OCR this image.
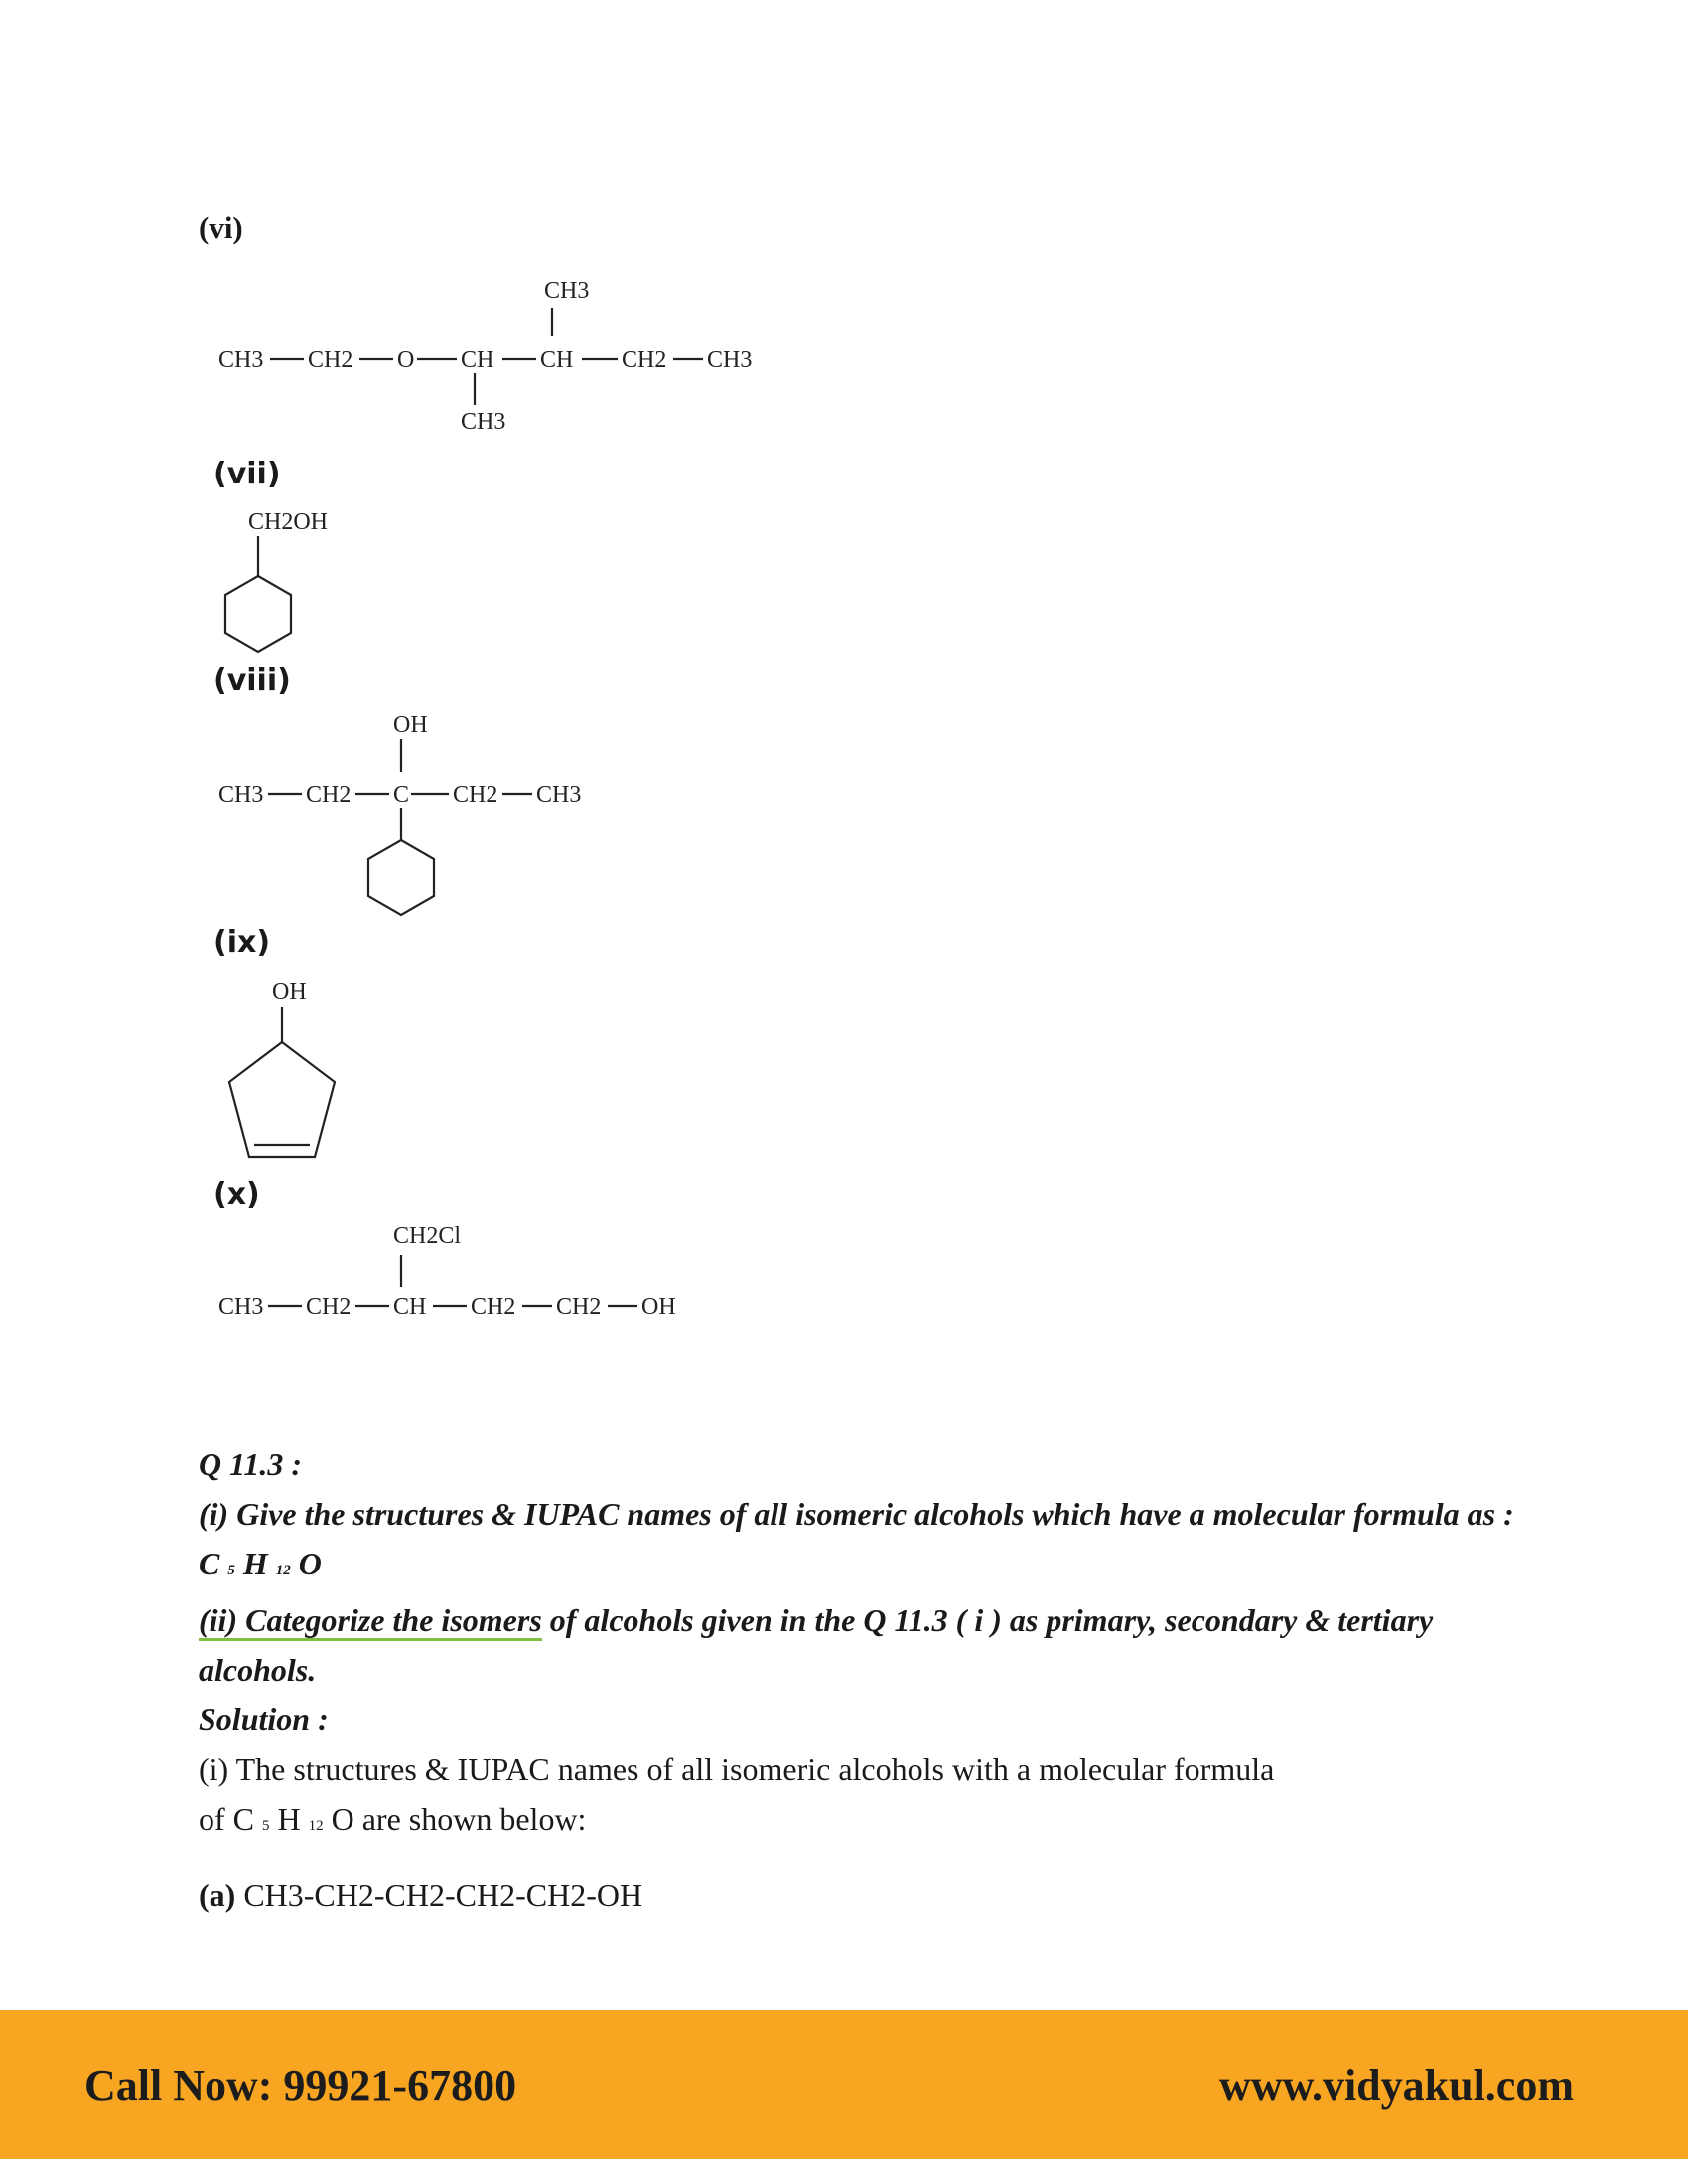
(vi)
(vii)
(viii)
(ix)
(x)
CH3
CH3 CH2 O CH CH CH2 CH3
CH3
CH2OH
OH
CH3 CH2 C CH2 CH3
OH
CH2Cl
CH3 CH2 CH CH2 CH2 OH
Q 11.3 :
(i) Give the structures & IUPAC names of all isomeric alcohols which have a molecular formula as :
C 5 H 12 O
(ii) Categorize the isomers of alcohols given in the Q 11.3 ( i ) as primary, secondary & tertiary alcohols.
Solution :
(i) The structures & IUPAC names of all isomeric alcohols with a molecular formula
of C 5 H 12 O are shown below:
(a) CH3-CH2-CH2-CH2-CH2-OH
Call Now: 99921-67800	www.vidyakul.com
